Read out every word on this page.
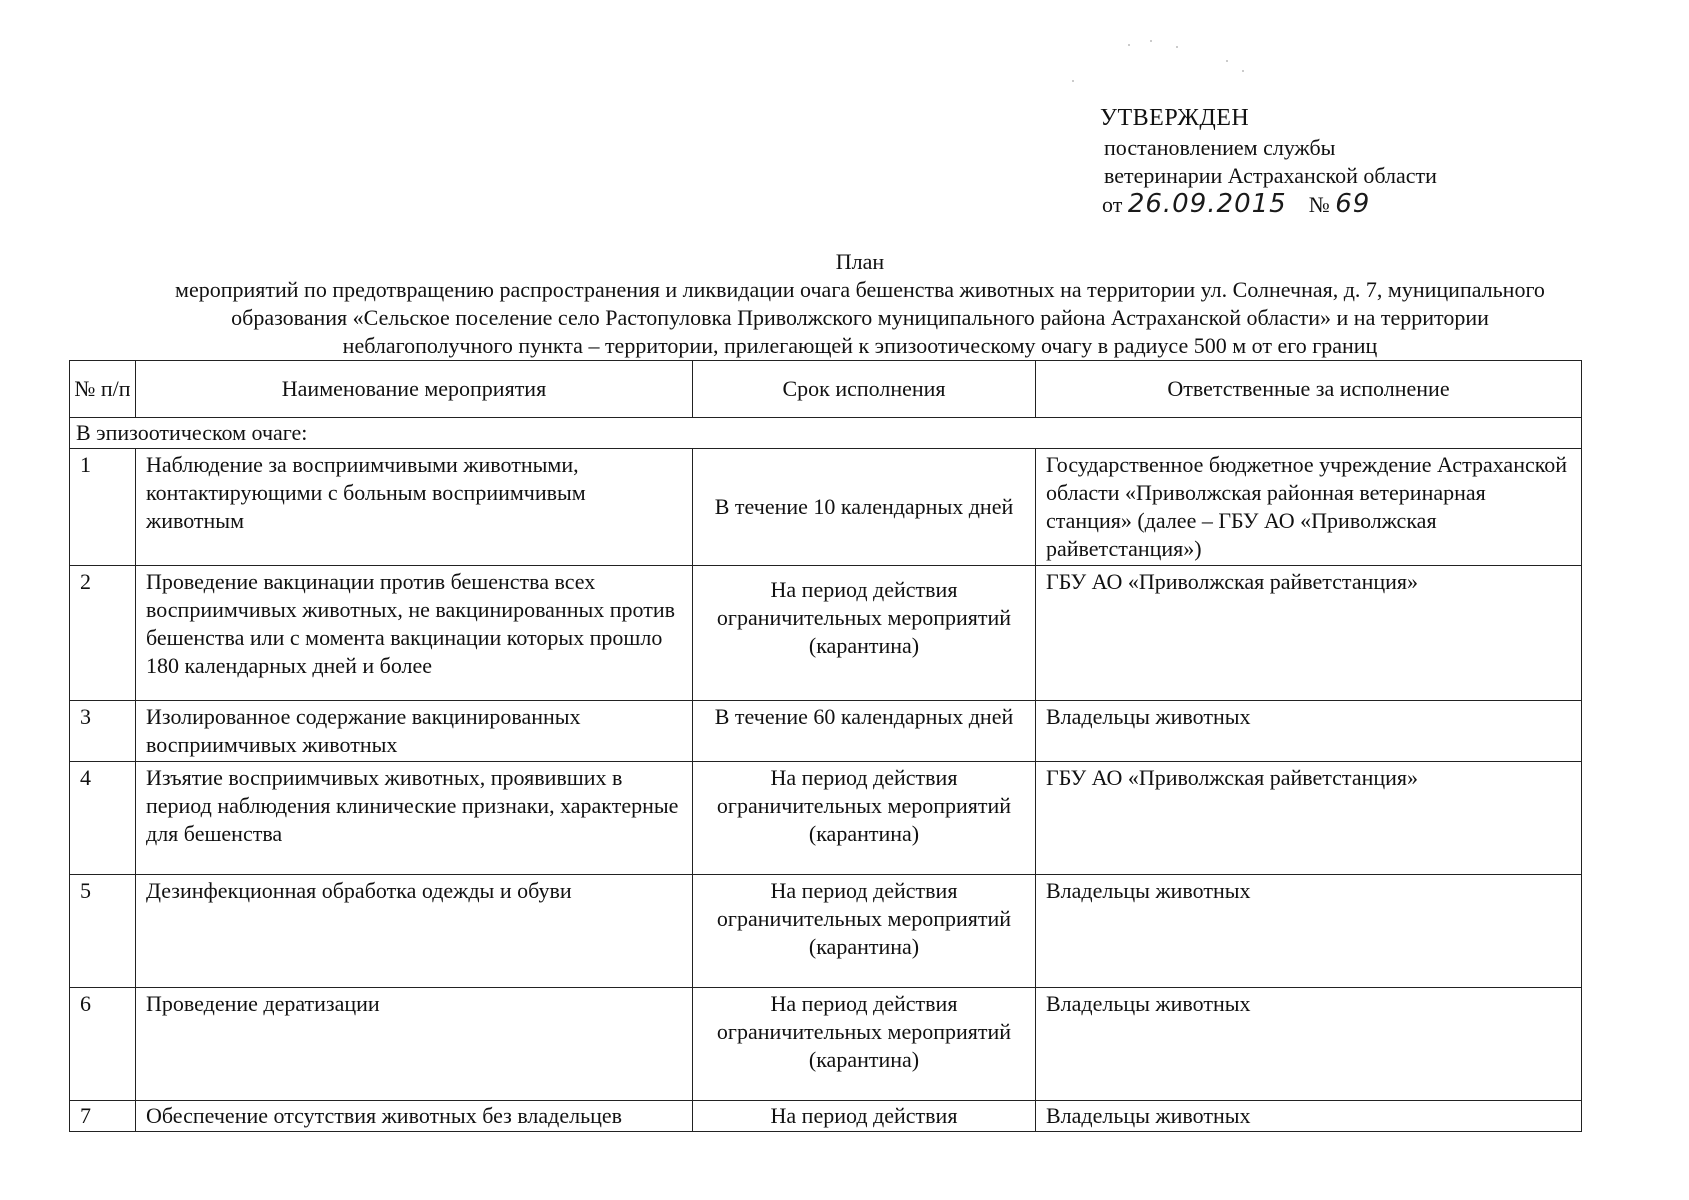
УТВЕРЖДЕН
постановлением службы
ветеринарии Астраханской области
от 26.09.2015 № 69
План
мероприятий по предотвращению распространения и ликвидации очага бешенства животных на территории ул. Солнечная, д. 7, муниципального
образования «Сельское поселение село Растопуловка Приволжского муниципального района Астраханской области» и на территории
неблагополучного пункта – территории, прилегающей к эпизоотическому очагу в радиусе 500 м от его границ
№ п/п	Наименование мероприятия	Срок исполнения	Ответственные за исполнение
В эпизоотическом очаге:			
1	Наблюдение за восприимчивыми животными, контактирующими с больным восприимчивым животным	В течение 10 календарных дней	Государственное бюджетное учреждение Астраханской области «Приволжская районная ветеринарная станция» (далее – ГБУ АО «Приволжская райветстанция»)
2	Проведение вакцинации против бешенства всех восприимчивых животных, не вакцинированных против бешенства или с момента вакцинации которых прошло 180 календарных дней и более	На период действия ограничительных мероприятий (карантина)	ГБУ АО «Приволжская райветстанция»
3	Изолированное содержание вакцинированных восприимчивых животных	В течение 60 календарных дней	Владельцы животных
4	Изъятие восприимчивых животных, проявивших в период наблюдения клинические признаки, характерные для бешенства	На период действия ограничительных мероприятий (карантина)	ГБУ АО «Приволжская райветстанция»
5	Дезинфекционная обработка одежды и обуви	На период действия ограничительных мероприятий (карантина)	Владельцы животных
6	Проведение дератизации	На период действия ограничительных мероприятий (карантина)	Владельцы животных
7	Обеспечение отсутствия животных без владельцев	На период действия	Владельцы животных
